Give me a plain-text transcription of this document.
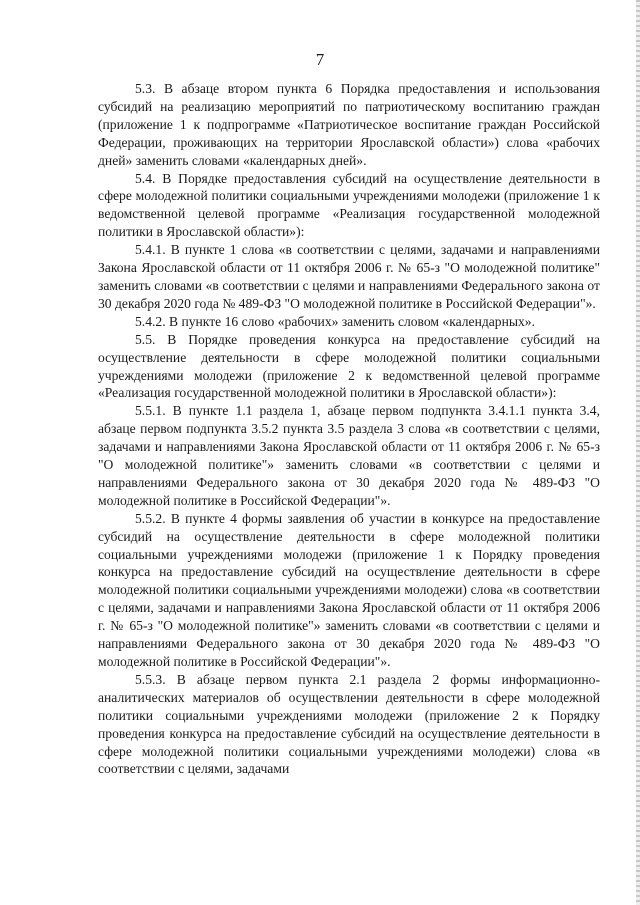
7

5.3. В абзаце втором пункта 6 Порядка предоставления и использования субсидий на реализацию мероприятий по патриотическому воспитанию граждан (приложение 1 к подпрограмме «Патриотическое воспитание граждан Российской Федерации, проживающих на территории Ярославской области») слова «рабочих дней» заменить словами «календарных дней».

5.4. В Порядке предоставления субсидий на осуществление деятельности в сфере молодежной политики социальными учреждениями молодежи (приложение 1 к ведомственной целевой программе «Реализация государственной молодежной политики в Ярославской области»):

5.4.1. В пункте 1 слова «в соответствии с целями, задачами и направлениями Закона Ярославской области от 11 октября 2006 г. № 65-з "О молодежной политике" заменить словами «в соответствии с целями и направлениями Федерального закона от 30 декабря 2020 года № 489-ФЗ "О молодежной политике в Российской Федерации"».

5.4.2. В пункте 16 слово «рабочих» заменить словом «календарных».

5.5. В Порядке проведения конкурса на предоставление субсидий на осуществление деятельности в сфере молодежной политики социальными учреждениями молодежи (приложение 2 к ведомственной целевой программе «Реализация государственной молодежной политики в Ярославской области»):

5.5.1. В пункте 1.1 раздела 1, абзаце первом подпункта 3.4.1.1 пункта 3.4, абзаце первом подпункта 3.5.2 пункта 3.5 раздела 3 слова «в соответствии с целями, задачами и направлениями Закона Ярославской области от 11 октября 2006 г. № 65-з "О молодежной политике"» заменить словами «в соответствии с целями и направлениями Федерального закона от 30 декабря 2020 года № 489-ФЗ "О молодежной политике в Российской Федерации"».

5.5.2. В пункте 4 формы заявления об участии в конкурсе на предоставление субсидий на осуществление деятельности в сфере молодежной политики социальными учреждениями молодежи (приложение 1 к Порядку проведения конкурса на предоставление субсидий на осуществление деятельности в сфере молодежной политики социальными учреждениями молодежи) слова «в соответствии с целями, задачами и направлениями Закона Ярославской области от 11 октября 2006 г. № 65-з "О молодежной политике"» заменить словами «в соответствии с целями и направлениями Федерального закона от 30 декабря 2020 года № 489-ФЗ "О молодежной политике в Российской Федерации"».

5.5.3. В абзаце первом пункта 2.1 раздела 2 формы информационно-аналитических материалов об осуществлении деятельности в сфере молодежной политики социальными учреждениями молодежи (приложение 2 к Порядку проведения конкурса на предоставление субсидий на осуществление деятельности в сфере молодежной политики социальными учреждениями молодежи) слова «в соответствии с целями, задачами
